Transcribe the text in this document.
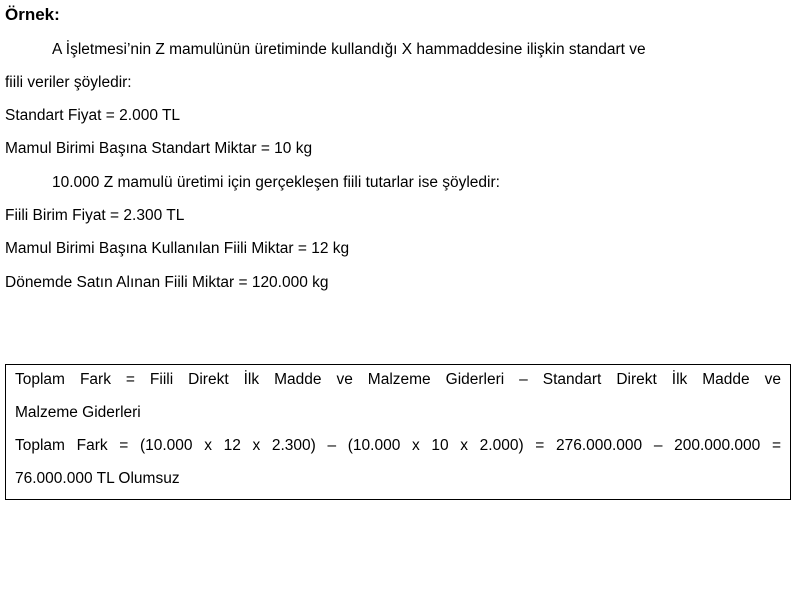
Örnek:
A İşletmesi’nin Z mamulünün üretiminde kullandığı X hammaddesine ilişkin standart ve
fiili veriler şöyledir:
Standart Fiyat = 2.000 TL
Mamul Birimi Başına Standart Miktar = 10 kg
10.000 Z mamulü üretimi için gerçekleşen fiili tutarlar ise şöyledir:
Fiili Birim Fiyat = 2.300 TL
Mamul Birimi Başına Kullanılan Fiili Miktar = 12 kg
Dönemde Satın Alınan Fiili Miktar = 120.000 kg
Toplam Fark = Fiili Direkt İlk Madde ve Malzeme Giderleri – Standart Direkt İlk Madde ve
Malzeme Giderleri
Toplam Fark = (10.000 x 12 x 2.300) – (10.000 x 10 x 2.000) = 276.000.000 – 200.000.000 =
76.000.000 TL Olumsuz
